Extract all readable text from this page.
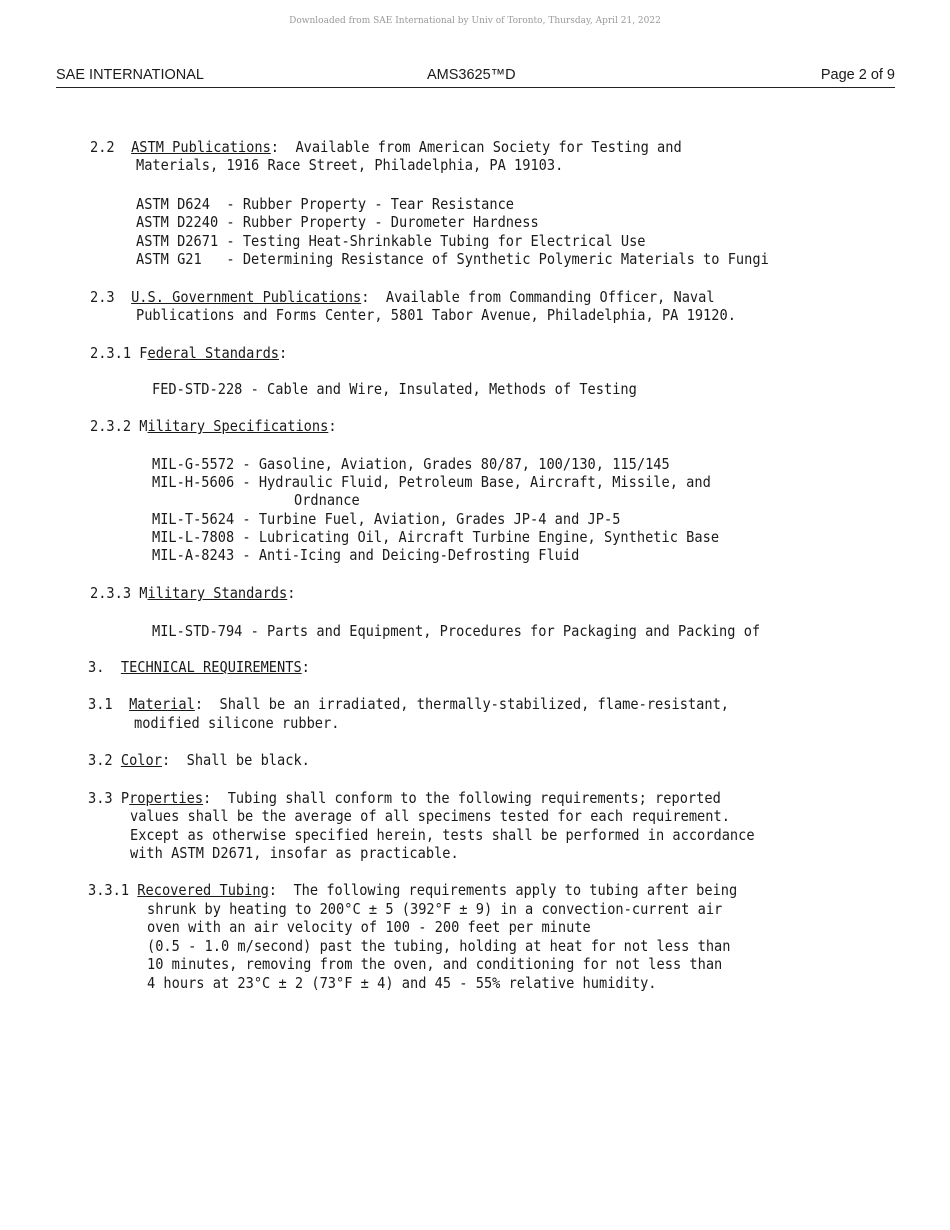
Downloaded from SAE International by Univ of Toronto, Thursday, April 21, 2022
SAE INTERNATIONAL	AMS3625™D	Page 2 of 9
2.2  ASTM Publications:  Available from American Society for Testing and
Materials, 1916 Race Street, Philadelphia, PA 19103.
ASTM D624  - Rubber Property - Tear Resistance
ASTM D2240 - Rubber Property - Durometer Hardness
ASTM D2671 - Testing Heat-Shrinkable Tubing for Electrical Use
ASTM G21   - Determining Resistance of Synthetic Polymeric Materials to Fungi
2.3  U.S. Government Publications:  Available from Commanding Officer, Naval
Publications and Forms Center, 5801 Tabor Avenue, Philadelphia, PA 19120.
2.3.1 Federal Standards:
FED-STD-228 - Cable and Wire, Insulated, Methods of Testing
2.3.2 Military Specifications:
MIL-G-5572 - Gasoline, Aviation, Grades 80/87, 100/130, 115/145
MIL-H-5606 - Hydraulic Fluid, Petroleum Base, Aircraft, Missile, and
Ordnance
MIL-T-5624 - Turbine Fuel, Aviation, Grades JP-4 and JP-5
MIL-L-7808 - Lubricating Oil, Aircraft Turbine Engine, Synthetic Base
MIL-A-8243 - Anti-Icing and Deicing-Defrosting Fluid
2.3.3 Military Standards:
MIL-STD-794 - Parts and Equipment, Procedures for Packaging and Packing of
3.  TECHNICAL REQUIREMENTS:
3.1  Material:  Shall be an irradiated, thermally-stabilized, flame-resistant,
modified silicone rubber.
3.2 Color:  Shall be black.
3.3 Properties:  Tubing shall conform to the following requirements; reported
values shall be the average of all specimens tested for each requirement.
Except as otherwise specified herein, tests shall be performed in accordance
with ASTM D2671, insofar as practicable.
3.3.1 Recovered Tubing:  The following requirements apply to tubing after being
shrunk by heating to 200°C ± 5 (392°F ± 9) in a convection-current air
oven with an air velocity of 100 - 200 feet per minute
(0.5 - 1.0 m/second) past the tubing, holding at heat for not less than
10 minutes, removing from the oven, and conditioning for not less than
4 hours at 23°C ± 2 (73°F ± 4) and 45 - 55% relative humidity.
